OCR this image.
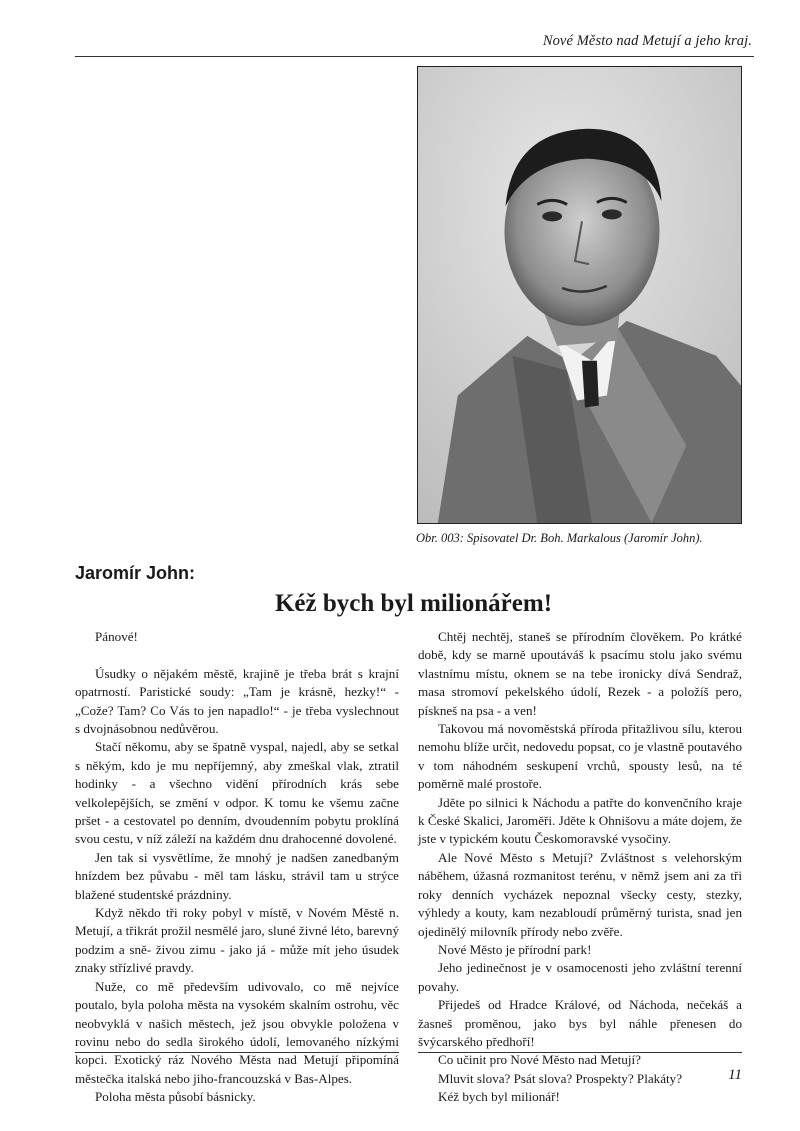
Nové Město nad Metují a jeho kraj.
Obr. 003: Spisovatel Dr. Boh. Markalous (Jaromír John).
Jaromír John:
Kéž bych byl milionářem!

Pánové!

Úsudky o nějakém městě, krajině je třeba brát s krajní opatrností. Paristické soudy: „Tam je krásně, hezky!“ - „Cože? Tam? Co Vás to jen napadlo!“ - je třeba vyslechnout s dvojnásobnou nedůvěrou.

Stačí někomu, aby se špatně vyspal, najedl, aby se setkal s někým, kdo je mu nepříjemný, aby zmeškal vlak, ztratil hodinky - a všechno vidění přírodních krás sebe velkolepějších, se změní v odpor. K tomu ke všemu začne pršet - a cestovatel po denním, dvoudenním pobytu proklíná svou cestu, v níž záleží na každém dnu drahocenné dovolené.

Jen tak si vysvětlíme, že mnohý je nadšen zanedbaným hnízdem bez půvabu - měl tam lásku, strávil tam u strýce blažené studentské prázdniny.

Když někdo tři roky pobyl v místě, v Novém Městě n. Metují, a třikrát prožil nesmělé jaro, sluné živné léto, barevný podzim a sně- živou zimu - jako já - může mít jeho úsudek znaky střízlivé pravdy.

Nuže, co mě především udivovalo, co mě nejvíce poutalo, byla poloha města na vysokém skalním ostrohu, věc neobvyklá v našich městech, jež jsou obvykle položena v rovinu nebo do sedla širokého údolí, lemovaného nízkými kopci. Exotický ráz Nového Města nad Metují připomíná městečka italská nebo jiho-francouzská v Bas-Alpes.

Poloha města působí básnicky.

Chtěj nechtěj, staneš se přírodním člověkem. Po krátké době, kdy se marně upoutáváš k psacímu stolu jako svému vlastnímu místu, oknem se na tebe ironicky dívá Sendraž, masa stromoví pekelského údolí, Rezek - a položíš pero, pískneš na psa - a ven!

Takovou má novoměstská příroda přitažlivou sílu, kterou nemohu blíže určit, nedovedu popsat, co je vlastně poutavého v tom náhodném seskupení vrchů, spousty lesů, na té poměrně malé prostoře.

Jděte po silnici k Náchodu a patřte do konvenčního kraje k České Skalici, Jaroměři. Jděte k Ohnišovu a máte dojem, že jste v typickém koutu Českomoravské vysočiny.

Ale Nové Město s Metují? Zvláštnost s velehorským náběhem, úžasná rozmanitost terénu, v němž jsem ani za tři roky denních vycházek nepoznal všecky cesty, stezky, výhledy a kouty, kam nezabloudí průměrný turista, snad jen ojedinělý milovník přírody nebo zvěře.

Nové Město je přírodní park!

Jeho jedinečnost je v osamocenosti jeho zvláštní terenní povahy.

Přijedeš od Hradce Králové, od Náchoda, nečekáš a žasneš proměnou, jako bys byl náhle přenesen do švýcarského předhoří!

Co učinit pro Nové Město nad Metují?

Mluvit slova? Psát slova? Prospekty? Plakáty?

Kéž bych byl milionář!

11
